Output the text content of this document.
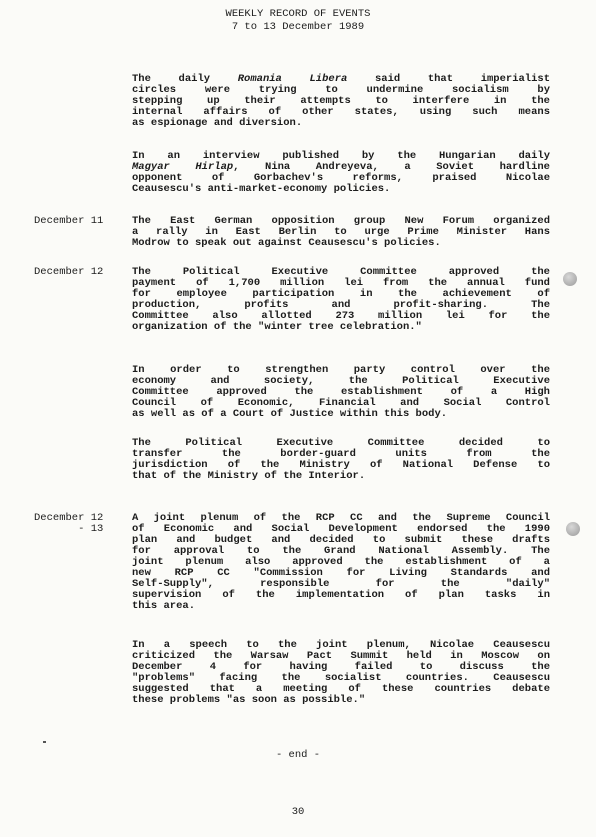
WEEKLY RECORD OF EVENTS
7 to 13 December 1989
The daily Romania Libera said that imperialist
circles were trying to undermine socialism by
stepping up their attempts to interfere in the
internal affairs of other states, using such means
as espionage and diversion.
In an interview published by the Hungarian daily
Magyar Hirlap, Nina Andreyeva, a Soviet hardline
opponent of Gorbachev's reforms, praised Nicolae
Ceausescu's anti-market-economy policies.
December 11	The East German opposition group New Forum organized
a rally in East Berlin to urge Prime Minister Hans
Modrow to speak out against Ceausescu's policies.
December 12	The Political Executive Committee approved the
payment of 1,700 million lei from the annual fund
for employee participation in the achievement of
production, profits and profit-sharing. The
Committee also allotted 273 million lei for the
organization of the "winter tree celebration."
In order to strengthen party control over the
economy and society, the Political Executive
Committee approved the establishment of a High
Council of Economic, Financial and Social Control
as well as of a Court of Justice within this body.
The Political Executive Committee decided to
transfer the border-guard units from the
jurisdiction of the Ministry of National Defense to
that of the Ministry of the Interior.
December 12
- 13
A joint plenum of the RCP CC and the Supreme Council
of Economic and Social Development endorsed the 1990
plan and budget and decided to submit these drafts
for approval to the Grand National Assembly. The
joint plenum also approved the establishment of a
new RCP CC "Commission for Living Standards and
Self-Supply", responsible for the "daily"
supervision of the implementation of plan tasks in
this area.
In a speech to the joint plenum, Nicolae Ceausescu
criticized the Warsaw Pact Summit held in Moscow on
December 4 for having failed to discuss the
"problems" facing the socialist countries. Ceausescu
suggested that a meeting of these countries debate
these problems "as soon as possible."
- end -
30
